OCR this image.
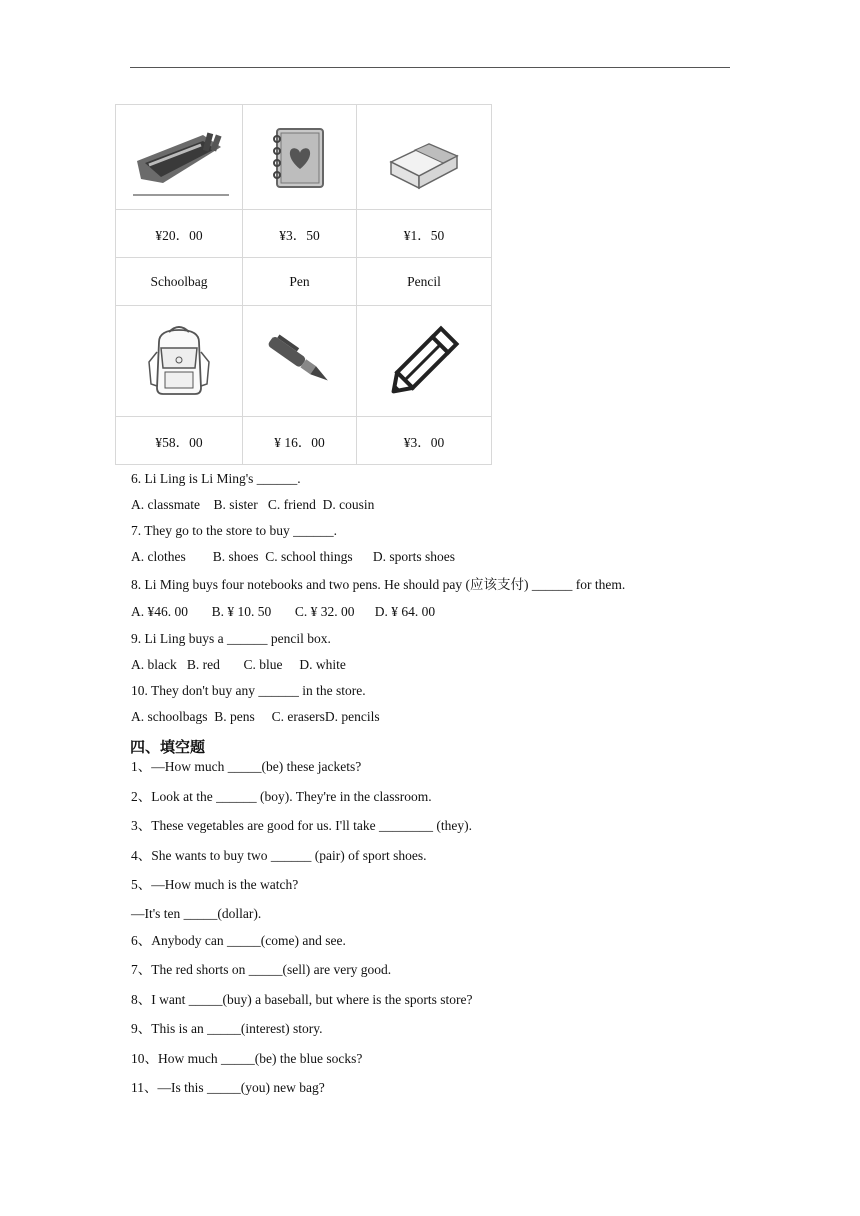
¥20．00	¥3．50	¥1．50
Schoolbag	Pen	Pencil

¥58．00	¥ 16．00	¥3．00
6. Li Ling is Li Ming's ______.
A. classmate    B. sister   C. friend  D. cousin
7. They go to the store to buy ______.
A. clothes        B. shoes  C. school things      D. sports shoes
8. Li Ming buys four notebooks and two pens. He should pay (应该支付) ______ for them.
A. ¥46. 00       B. ¥ 10. 50       C. ¥ 32. 00      D. ¥ 64. 00
9. Li Ling buys a ______ pencil box.
A. black   B. red       C. blue     D. white
10. They don't buy any ______ in the store.
A. schoolbags  B. pens     C. erasersD. pencils
四、填空题
1、—How much _____(be) these jackets?
2、Look at the ______ (boy). They're in the classroom.
3、These vegetables are good for us. I'll take ________ (they).
4、She wants to buy two ______ (pair) of sport shoes.
5、—How much is the watch?
—It's ten _____(dollar).
6、Anybody can _____(come) and see.
7、The red shorts on _____(sell) are very good.
8、I want _____(buy) a baseball, but where is the sports store?
9、This is an _____(interest) story.
10、How much _____(be) the blue socks?
11、—Is this _____(you) new bag?
